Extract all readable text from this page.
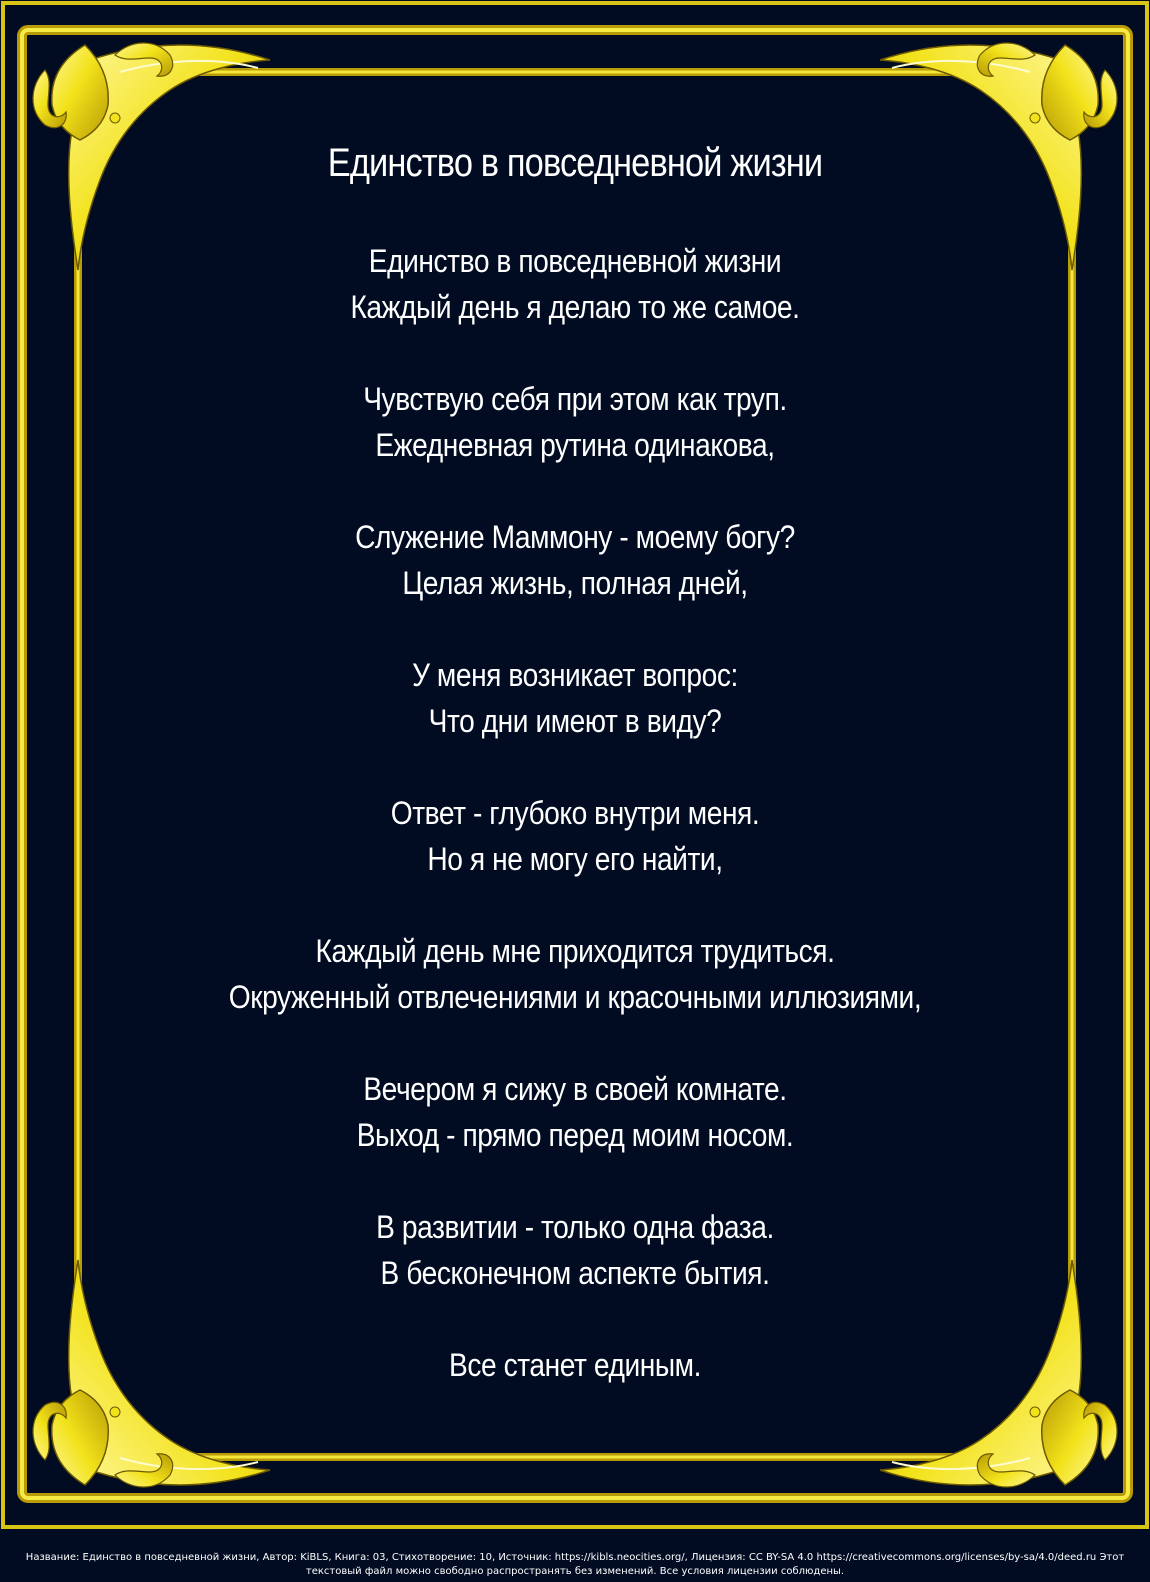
Единство в повседневной жизни
Единство в повседневной жизни
Каждый день я делаю то же самое.
Чувствую себя при этом как труп.
Ежедневная рутина одинакова,
Служение Маммону - моему богу?
Целая жизнь, полная дней,
У меня возникает вопрос:
Что дни имеют в виду?
Ответ - глубоко внутри меня.
Но я не могу его найти,
Каждый день мне приходится трудиться.
Окруженный отвлечениями и красочными иллюзиями,
Вечером я сижу в своей комнате.
Выход - прямо перед моим носом.
В развитии - только одна фаза.
В бесконечном аспекте бытия.
Все станет единым.
Название: Единство в повседневной жизни, Автор: KiBLS, Книга: 03, Стихотворение: 10, Источник: https://kibls.neocities.org/, Лицензия: CC BY-SA 4.0 https://creativecommons.org/licenses/by-sa/4.0/deed.ru Этот
текстовый файл можно свободно распространять без изменений. Все условия лицензии соблюдены.
